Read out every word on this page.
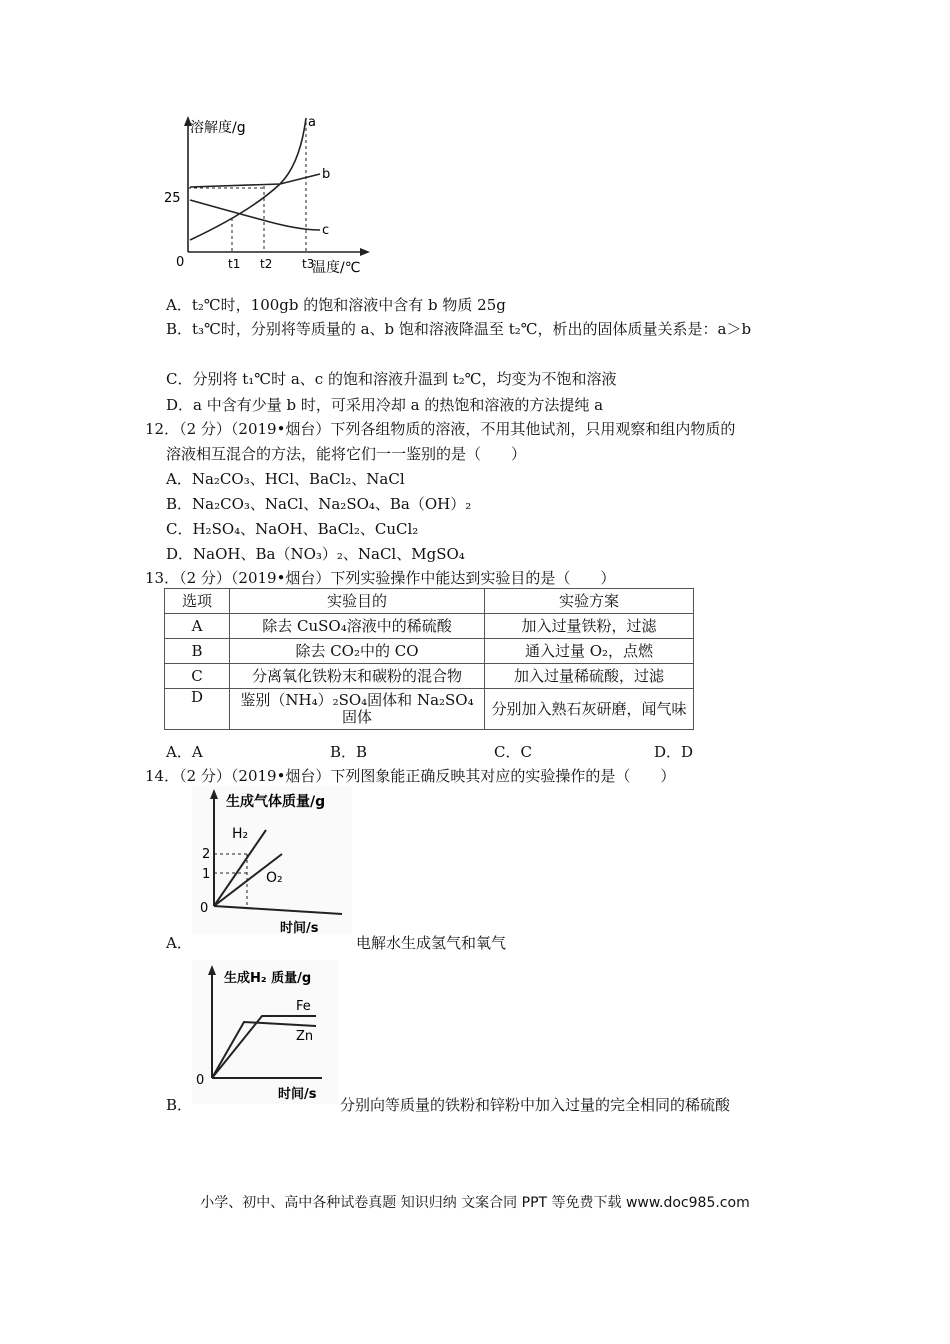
溶解度/g
25
0	t1 t2 t3
温度/℃
a
b
c
A．t₂℃时，100gb 的饱和溶液中含有 b 物质 25g
B．t₃℃时，分别将等质量的 a、b 饱和溶液降温至 t₂℃，析出的固体质量关系是：a＞b
C．分别将 t₁℃时 a、c 的饱和溶液升温到 t₂℃，均变为不饱和溶液
D．a 中含有少量 b 时，可采用冷却 a 的热饱和溶液的方法提纯 a
12．（2 分）（2019•烟台）下列各组物质的溶液，不用其他试剂，只用观察和组内物质的
溶液相互混合的方法，能将它们一一鉴别的是（　　）
A．Na₂CO₃、HCl、BaCl₂、NaCl
B．Na₂CO₃、NaCl、Na₂SO₄、Ba（OH）₂
C．H₂SO₄、NaOH、BaCl₂、CuCl₂
D．NaOH、Ba（NO₃）₂、NaCl、MgSO₄
13．（2 分）（2019•烟台）下列实验操作中能达到实验目的是（　　）
选项	实验目的	实验方案
A	除去 CuSO₄溶液中的稀硫酸	加入过量铁粉，过滤
B	除去 CO₂中的 CO	通入过量 O₂，点燃
C	分离氧化铁粉末和碳粉的混合物	加入过量稀硫酸，过滤
D	鉴别（NH₄）₂SO₄固体和 Na₂SO₄固体	分别加入熟石灰研磨，闻气味
A．A	B．B	C．C	D．D
14．（2 分）（2019•烟台）下列图象能正确反映其对应的实验操作的是（　　）
生成气体质量/g
H₂
O₂
2
1
0
时间/s
A．	电解水生成氢气和氧气
生成H₂ 质量/g
Fe
Zn
0
时间/s
B．	分别向等质量的铁粉和锌粉中加入过量的完全相同的稀硫酸
小学、初中、高中各种试卷真题 知识归纳 文案合同 PPT 等免费下载 www.doc985.com
